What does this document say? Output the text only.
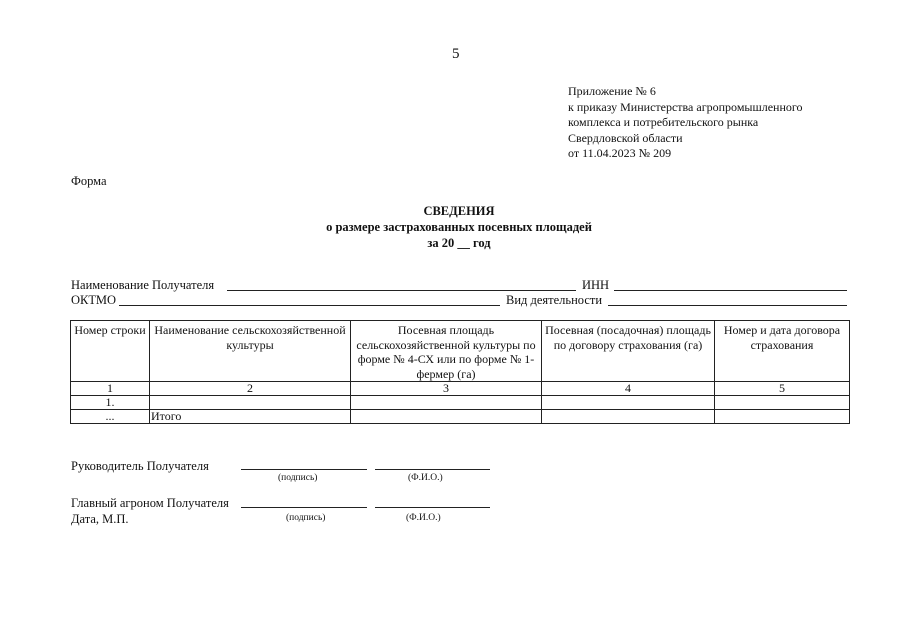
5
Приложение № 6
к приказу Министерства агропромышленного
комплекса и потребительского рынка
Свердловской области
от 11.04.2023 № 209
Форма
СВЕДЕНИЯ
о размере застрахованных посевных площадей
за 20 __ год
Наименование Получателя	ИНН
ОКТМО	Вид деятельности
Номер строки	Наименование сельскохозяйственной культуры	Посевная площадь сельскохозяйственной культуры по форме № 4-СХ или по форме № 1-фермер (га)	Посевная (посадочная) площадь по договору страхования (га)	Номер и дата договора страхования
1	2	3	4	5
1.				
...	Итого			
Руководитель Получателя
(подпись)	(Ф.И.О.)
Главный агроном Получателя
Дата, М.П.	(подпись)	(Ф.И.О.)
